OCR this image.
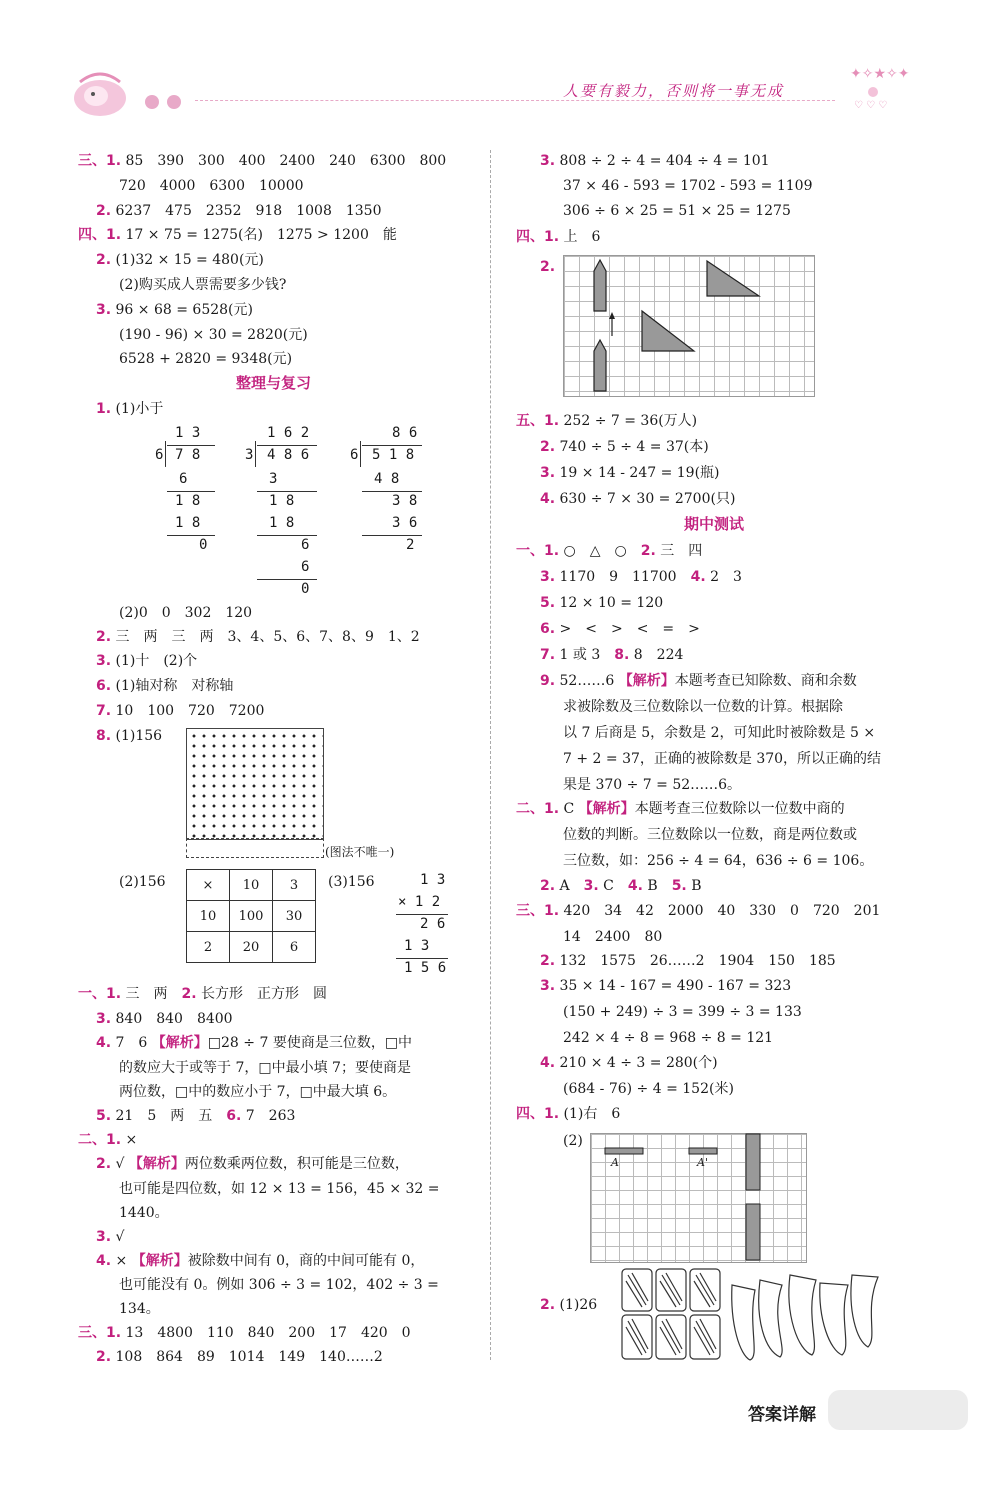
人要有毅力，否则将一事无成
✦✧★✧✦
♡ ♡ ♡
三、1. 85　390　300　400　2400　240　6300　800
720　4000　6300　10000
2. 6237　475　2352　918　1008　1350
四、1. 17 × 75 = 1275(名)　1275 > 1200　能
2. (1)32 × 15 = 480(元)
(2)购买成人票需要多少钱?
3. 96 × 68 = 6528(元)
(190 - 96) × 30 = 2820(元)
6528 + 2820 = 9348(元)
整理与复习
1. (1)小于
1 3
6 7 8
6
1 8
1 8
0
1 6 2
3 4 8 6
3
1 8
1 8
6
6
0
8 6
6 5 1 8
4 8
3 8
3 6
2
(2)0　0　302　120
2. 三　两　三　两　3、4、5、6、7、8、9　1、2
3. (1)十　(2)个
6. (1)轴对称　对称轴
7. 10　100　720　7200
8. (1)156
(图法不唯一)
(2)156	×	10	3
10	100	30
2	20	6
(3)156	1 3
× 1 2
2 6
1 3
1 5 6
一、1. 三　两　 2. 长方形　正方形　圆
3. 840　840　8400
4. 7　6 【解析】□28 ÷ 7 要使商是三位数，□中
的数应大于或等于 7，□中最小填 7；要使商是
两位数，□中的数应小于 7，□中最大填 6。
5. 21　5　两　五　 6. 7　263
二、1. ×
2. √ 【解析】两位数乘两位数，积可能是三位数，
也可能是四位数，如 12 × 13 = 156，45 × 32 =
1440。
3. √
4. × 【解析】被除数中间有 0，商的中间可能有 0，
也可能没有 0。例如 306 ÷ 3 = 102，402 ÷ 3 =
134。
三、1. 13　4800　110　840　200　17　420　0
2. 108　864　89　1014　149　140……2
3. 808 ÷ 2 ÷ 4 = 404 ÷ 4 = 101
37 × 46 - 593 = 1702 - 593 = 1109
306 ÷ 6 × 25 = 51 × 25 = 1275
四、1. 上　6
2.
五、1. 252 ÷ 7 = 36(万人)
2. 740 ÷ 5 ÷ 4 = 37(本)
3. 19 × 14 - 247 = 19(瓶)
4. 630 ÷ 7 × 30 = 2700(只)
期中测试
一、1. ○　△　○　 2. 三　四
3. 1170　9　11700　 4. 2　3
5. 12 × 10 = 120
6. >　<　>　<　=　>
7. 1 或 3　 8. 8　224
9. 52……6 【解析】本题考查已知除数、商和余数
求被除数及三位数除以一位数的计算。根据除
以 7 后商是 5，余数是 2，可知此时被除数是 5 ×
7 + 2 = 37，正确的被除数是 370，所以正确的结
果是 370 ÷ 7 = 52……6。
二、1. C 【解析】本题考查三位数除以一位数中商的
位数的判断。三位数除以一位数，商是两位数或
三位数，如：256 ÷ 4 = 64，636 ÷ 6 = 106。
2. A　 3. C　 4. B　 5. B
三、1. 420　34　42　2000　40　330　0　720　201
14　2400　80
2. 132　1575　26……2　1904　150　185
3. 35 × 14 - 167 = 490 - 167 = 323
(150 + 249) ÷ 3 = 399 ÷ 3 = 133
242 × 4 ÷ 8 = 968 ÷ 8 = 121
4. 210 × 4 ÷ 3 = 280(个)
(684 - 76) ÷ 4 = 152(米)
四、1. (1)右　6
(2)
A	A'
2. (1)26
答案详解
